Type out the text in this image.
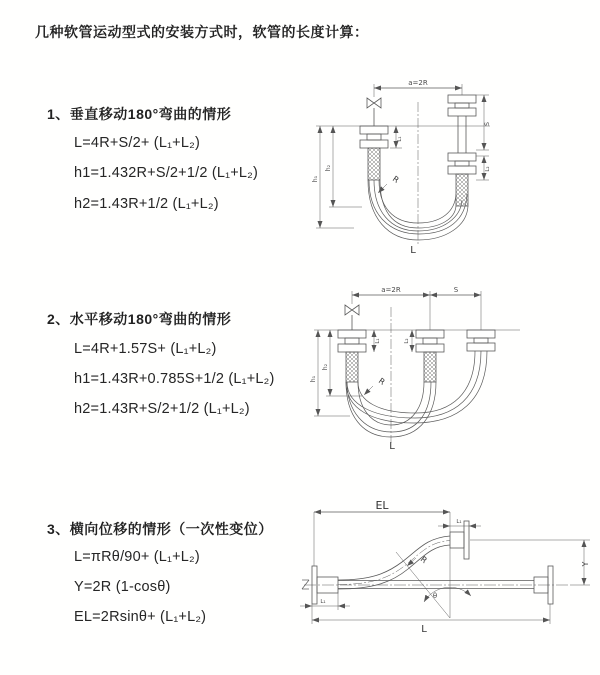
几种软管运动型式的安装方式时，软管的长度计算：
1、垂直移动180°弯曲的情形
L=4R+S/2+ (L₁+L₂)
h1=1.432R+S/2+1/2 (L₁+L₂)
h2=1.43R+1/2 (L₁+L₂)
2、水平移动180°弯曲的情形
L=4R+1.57S+ (L₁+L₂)
h1=1.43R+0.785S+1/2 (L₁+L₂)
h2=1.43R+S/2+1/2 (L₁+L₂)
3、横向位移的情形（一次性变位）
L=πRθ/90+ (L₁+L₂)
Y=2R (1-cosθ)
EL=2Rsinθ+ (L₁+L₂)
a=2R
L₁
S
L₂
h₁
h₂
R
L
a=2R	S
L₁	L₂
h₁
h₂
R
L
EL
L₁
Y
R
θ
L₁
L
